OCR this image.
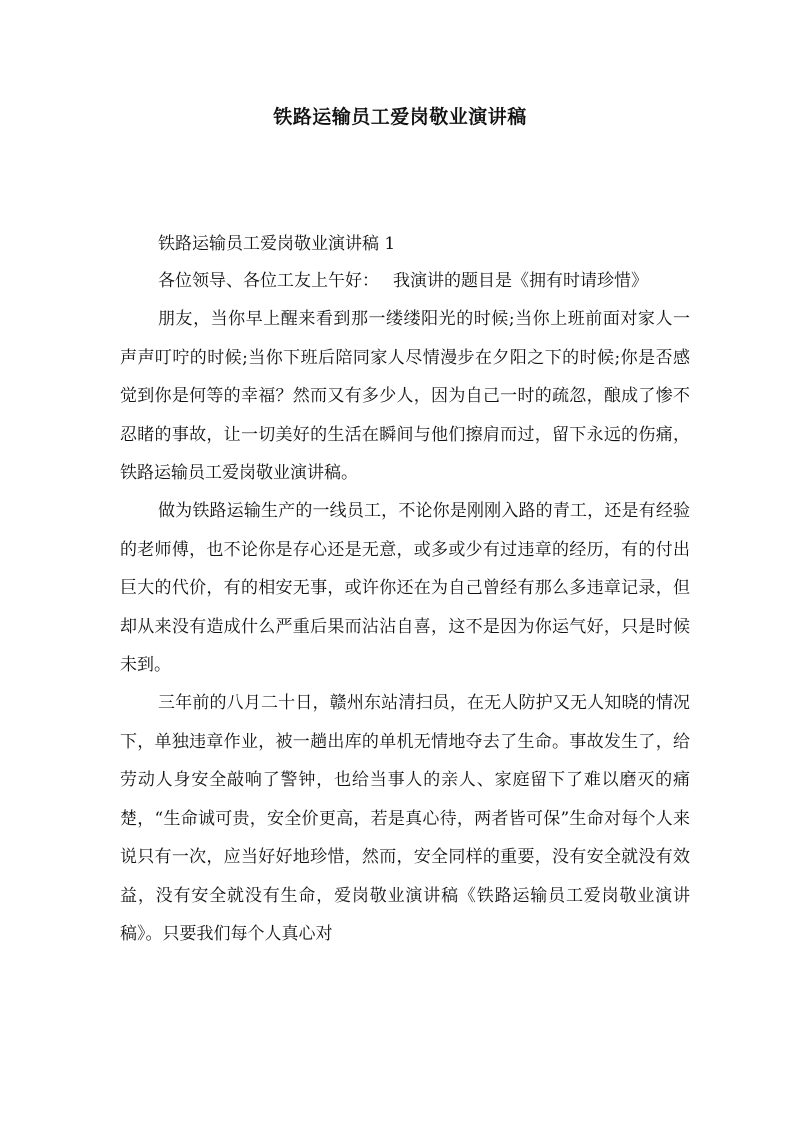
铁路运输员工爱岗敬业演讲稿
铁路运输员工爱岗敬业演讲稿 1

各位领导、各位工友上午好： 我演讲的题目是《拥有时请珍惜》

朋友，当你早上醒来看到那一缕缕阳光的时候;当你上班前面对家人一声声叮咛的时候;当你下班后陪同家人尽情漫步在夕阳之下的时候;你是否感觉到你是何等的幸福？然而又有多少人，因为自己一时的疏忽，酿成了惨不忍睹的事故，让一切美好的生活在瞬间与他们擦肩而过，留下永远的伤痛，铁路运输员工爱岗敬业演讲稿。

做为铁路运输生产的一线员工，不论你是刚刚入路的青工，还是有经验的老师傅，也不论你是存心还是无意，或多或少有过违章的经历，有的付出巨大的代价，有的相安无事，或许你还在为自己曾经有那么多违章记录，但却从来没有造成什么严重后果而沾沾自喜，这不是因为你运气好，只是时候未到。

三年前的八月二十日，赣州东站清扫员，在无人防护又无人知晓的情况下，单独违章作业，被一趟出库的单机无情地夺去了生命。事故发生了，给劳动人身安全敲响了警钟，也给当事人的亲人、家庭留下了难以磨灭的痛楚，“生命诚可贵，安全价更高，若是真心待，两者皆可保”生命对每个人来说只有一次，应当好好地珍惜，然而，安全同样的重要，没有安全就没有效益，没有安全就没有生命，爱岗敬业演讲稿《铁路运输员工爱岗敬业演讲稿》。只要我们每个人真心对
